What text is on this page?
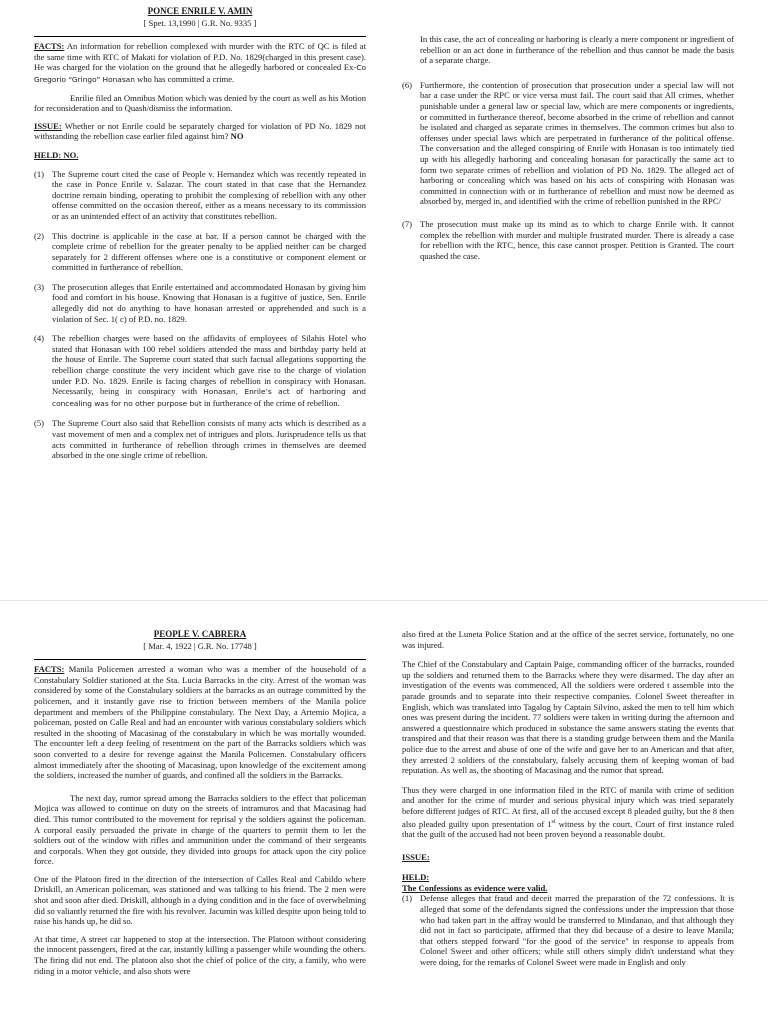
PONCE ENRILE V. AMIN
[ Spet. 13,1990 | G.R. No. 9335 ]

FACTS: An information for rebellion complexed with murder with the RTC of QC is filed at the same time with RTC of Makati for violation of P.D. No. 1829(charged in this present case). He was charged for the violation on the ground that he allegedly harbored or concealed Ex-Co Gregorio “Gringo” Honasan who has committed a crime.

Enrilie filed an Omnibus Motion which was denied by the court as well as his Motion for reconsideration and to Quash/dismiss the information.

ISSUE: Whether or not Enrile could be separately charged for violation of PD No. 1829 not withstanding the rebellion case earlier filed against him? NO

HELD: NO.
(1) The Supreme court cited the case of People v. Hernandez which was recently repeated in the case in Ponce Enrile v. Salazar. The court stated in that case that the Hernandez doctrine remain binding, operating to prohibit the complexing of rebellion with any other offense committed on the occasion thereof, either as a means necessary to its commission or as an unintended effect of an activity that constitutes rebellion.
(2) This doctrine is applicable in the case at bar. If a person cannot be charged with the complete crime of rebellion for the greater penalty to be applied neither can be charged separately for 2 different offenses where one is a constitutive or component element or committed in furtherance of rebellion.
(3) The prosecution alleges that Enrile entertained and accommodated Honasan by giving him food and comfort in his house. Knowing that Honasan is a fugitive of justice, Sen. Enrile allegedly did not do anything to have honasan arrested or apprehended and such is a violation of Sec. 1( c) of P.D. no. 1829.
(4) The rebellion charges were based on the affidavits of employees of Silahis Hotel who stated that Honasan with 100 rebel soldiers attended the mass and birthday party held at the house of Enrile. The Supreme court stated that such factual allegations supporting the rebellion charge constitute the very incident which gave rise to the charge of violation under P.D. No. 1829. Enrile is facing charges of rebellion in conspiracy with Honasan. Necessarily, being in conspiracy with Honasan, Enrile’s act of harboring and concealing was for no other purpose but in furtherance of the crime of rebellion.
(5) The Supreme Court also said that Rebellion consists of many acts which is described as a vast movement of men and a complex net of intrigues and plots. Jurisprudence tells us that acts committed in furtherance of rebellion through crimes in themselves are deemed absorbed in the one single crime of rebellion.

In this case, the act of concealing or harboring is clearly a mere component or ingredient of rebellion or an act done in furtherance of the rebellion and thus cannot be made the basis of a separate charge.

(6) Furthermore, the contention of prosecution that prosecution under a special law will not bar a case under the RPC or vice versa must fail. The court said that All crimes, whether punishable under a general law or special law, which are mere components or ingredients, or committed in furtherance thereof, become absorbed in the crime of rebellion and cannot be isolated and charged as separate crimes in themselves. The common crimes but also to offenses under special laws which are perpetrated in furtherance of the political offense. The conversation and the alleged conspiring of Enrile with Honasan is too intimately tied up with his allegedly harboring and concealing honasan for paractically the same act to form two separate crimes of rebellion and violation of PD No. 1829. The alleged act of harboring or concealing which was based on his acts of conspiring with Honasan was committed in connection with or in furtherance of rebellion and must now be deemed as absorbed by, merged in, and identified with the crime of rebellion punished in the RPC/
(7) The prosecution must make up its mind as to which to charge Enrile with. It cannot complex the rebellion with murder and multiple frustrated murder. There is already a case for rebellion with the RTC, hence, this case cannot prosper. Petition is Granted. The court quashed the case.
PEOPLE V. CABRERA
[ Mar. 4, 1922 | G.R. No. 17748 ]

FACTS: Manila Policemen arrested a woman who was a member of the household of a Constabulary Soldier stationed at the Sta. Lucia Barracks in the city. Arrest of the woman was considered by some of the Constabulary soldiers at the barracks as an outrage committed by the policemen, and it instantly gave rise to friction between members of the Manila police department and members of the Philippine constabulary. The Next Day, a Artemio Mojica, a policeman, posted on Calle Real and had an encounter with various constabulary soldiers which resulted in the shooting of Macasinag of the constabulary in which he was mortally wounded. The encounter left a deep feeling of resentment on the part of the Barracks soldiers which was soon converted to a desire for revenge against the Manila Policemen. Constabulary officers almost immediately after the shooting of Macasinag, upon knowledge of the excitement among the soldiers, increased the number of guards, and confined all the soldiers in the Barracks.

The next day, rumor spread among the Barracks soldiers to the effect that policeman Mojica was allowed to continue on duty on the streets of intramuros and that Macasinag had died. This rumor contributed to the movement for reprisal y the soldiers against the policeman. A corporal easily persuaded the private in charge of the quarters to permit them to let the soldiers out of the window with rifles and ammunition under the command of their sergeants and corporals. When they got outside, they divided into groups for attack upon the city police force.

One of the Platoon fired in the direction of the intersection of Calles Real and Cabildo where Driskill, an American policeman, was stationed and was talking to his friend. The 2 men were shot and soon after died. Driskill, although in a dying condition and in the face of overwhelming did so valiantly returned the fire with his revolver. Jacumin was killed despite upon being told to raise his hands up, he did so.

At that time, A street car happened to stop at the intersection. The Platoon without considering the innocent passengers, fired at the car, instantly killing a passenger while wounding the others. The firing did not end. The platoon also shot the chief of police of the city, a family, who were riding in a motor vehicle, and also shots were

also fired at the Luneta Police Station and at the office of the secret service, fortunately, no one was injured.

The Chief of the Constabulary and Captain Paige, commanding officer of the barracks, rounded up the soldiers and returned them to the Barracks where they were disarmed. The day after an investigation of the events was commenced, All the soldiers were ordered t assemble into the parade grounds and to separate into their respective companies. Colonel Sweet thereafter in English, which was translated into Tagalog by Captain Silvino, asked the men to tell him which ones was present during the incident. 77 soldiers were taken in writing during the afternoon and answered a questionnaire which produced in substance the same answers stating the events that transpired and that their reason was that there is a standing grudge between them and the Manila police due to the arrest and abuse of one of the wife and gave her to an American and that after, they arrested 2 soldiers of the constabulary, falsely accusing them of keeping woman of bad reputation. As well as, the shooting of Macasinag and the rumor that spread.

Thus they were charged in one information filed in the RTC of manila with crime of sedition and another for the crime of murder and serious physical injury which was tried separately before different judges of RTC. At first, all of the accused except 8 pleaded guilty, but the 8 then also pleaded guilty upon presentation of 1st witness by the court. Court of first instance ruled that the guilt of the accused had not been proven beyond a reasonable doubt.

ISSUE:

HELD:
The Confessions as evidence were valid.
(1) Defense alleges that fraud and deceit marred the preparation of the 72 confessions. It is alleged that some of the defendants signed the confessions under the impression that those who had taken part in the affray would be transferred to Mindanao, and that although they did not in fact so participate, affirmed that they did because of a desire to leave Manila; that others stepped forward "for the good of the service" in response to appeals from Colonel Sweet and other officers; while still others simply didn't understand what they were doing, for the remarks of Colonel Sweet were made in English and only
